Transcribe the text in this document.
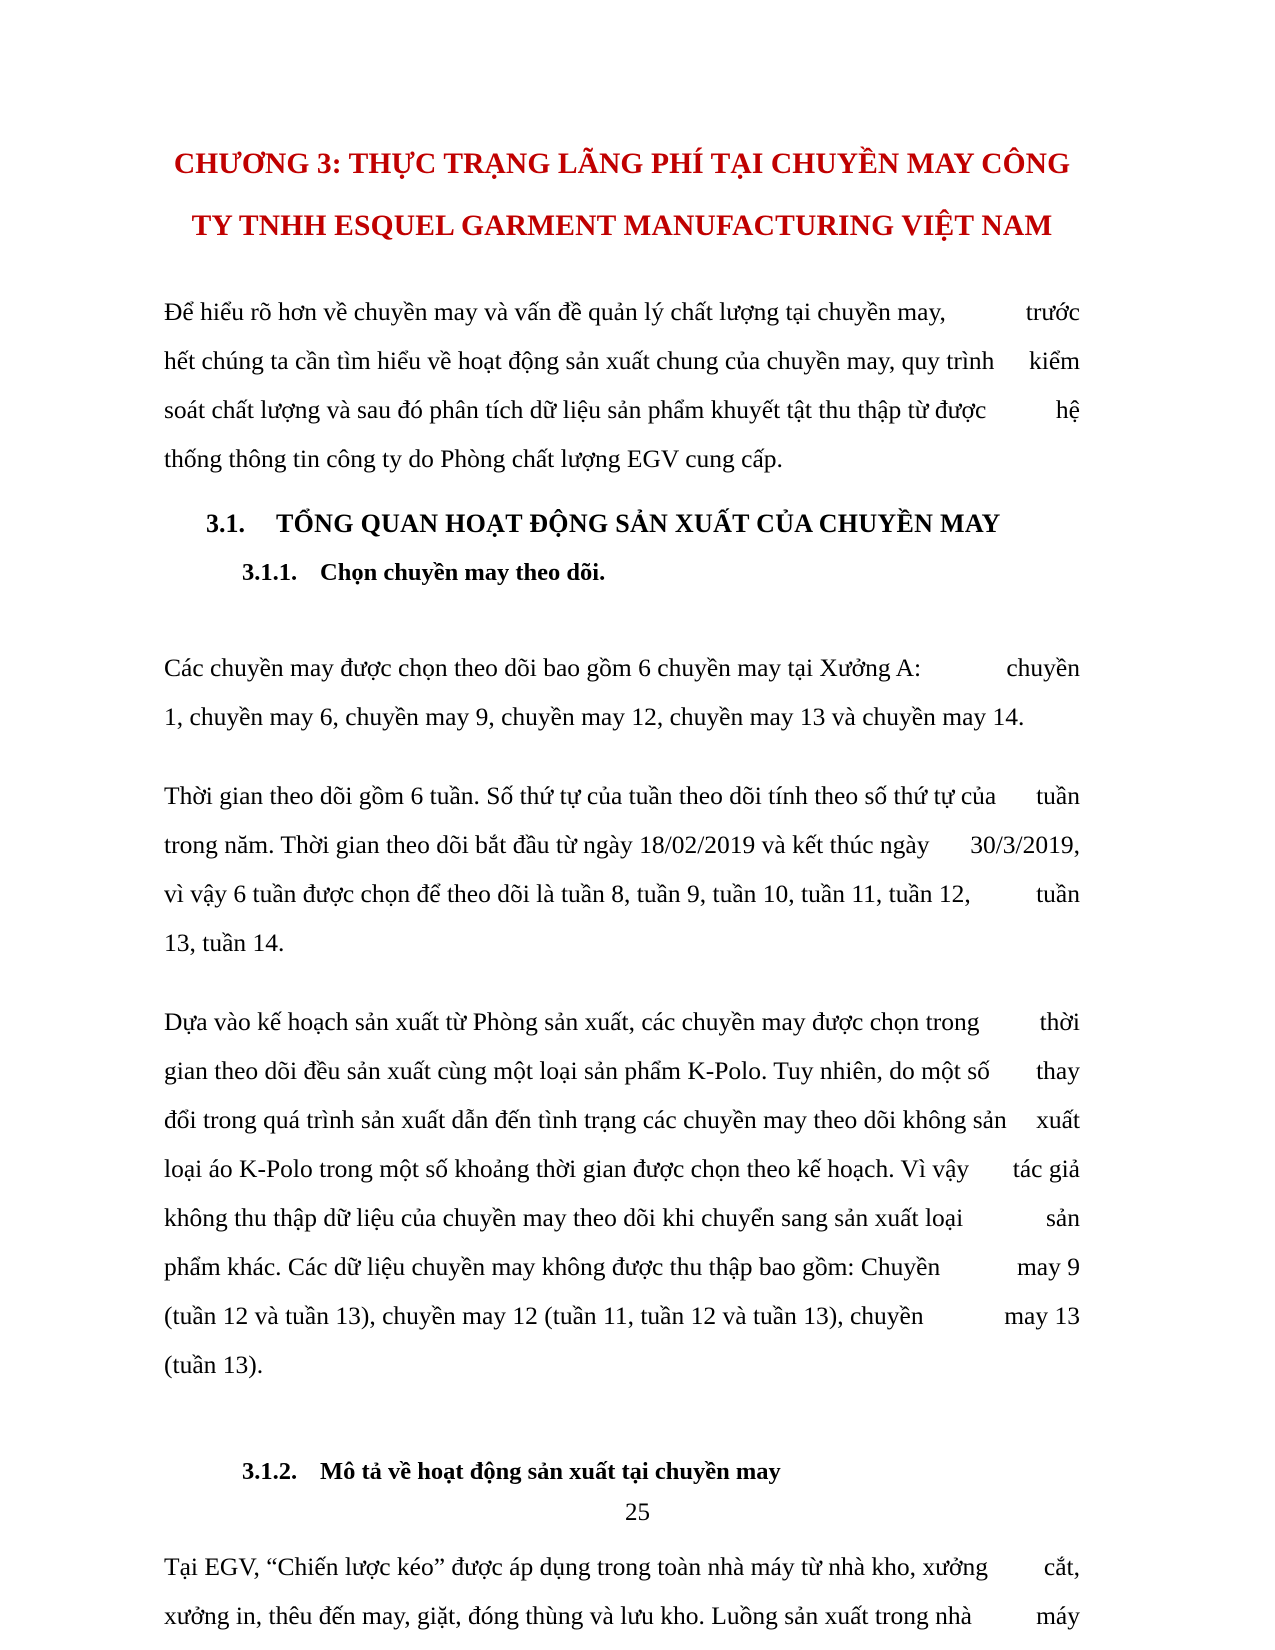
CHƯƠNG 3: THỰC TRẠNG LÃNG PHÍ TẠI CHUYỀN MAY CÔNG
TY TNHH ESQUEL GARMENT MANUFACTURING VIỆT NAM

Để hiểu rõ hơn về chuyền may và vấn đề quản lý chất lượng tại chuyền may,	trước
hết chúng ta cần tìm hiểu về hoạt động sản xuất chung của chuyền may, quy trình kiểm
soát chất lượng và sau đó phân tích dữ liệu sản phẩm khuyết tật thu thập từ được	hệ
thống thông tin công ty do Phòng chất lượng EGV cung cấp.

3.1.	TỔNG QUAN HOẠT ĐỘNG SẢN XUẤT CỦA CHUYỀN MAY
3.1.1. Chọn chuyền may theo dõi.

Các chuyền may được chọn theo dõi bao gồm 6 chuyền may tại Xưởng A:	chuyền
1, chuyền may 6, chuyền may 9, chuyền may 12, chuyền may 13 và chuyền may 14.

Thời gian theo dõi gồm 6 tuần. Số thứ tự của tuần theo dõi tính theo số thứ tự của tuần
trong năm. Thời gian theo dõi bắt đầu từ ngày 18/02/2019 và kết thúc ngày 30/3/2019,
vì vậy 6 tuần được chọn để theo dõi là tuần 8, tuần 9, tuần 10, tuần 11, tuần 12,	tuần
13, tuần 14.

Dựa vào kế hoạch sản xuất từ Phòng sản xuất, các chuyền may được chọn trong thời
gian theo dõi đều sản xuất cùng một loại sản phẩm K-Polo. Tuy nhiên, do một số thay
đổi trong quá trình sản xuất dẫn đến tình trạng các chuyền may theo dõi không sản xuất
loại áo K-Polo trong một số khoảng thời gian được chọn theo kế hoạch. Vì vậy tác giả
không thu thập dữ liệu của chuyền may theo dõi khi chuyển sang sản xuất loại	sản
phẩm khác. Các dữ liệu chuyền may không được thu thập bao gồm: Chuyền	may 9
(tuần 12 và tuần 13), chuyền may 12 (tuần 11, tuần 12 và tuần 13), chuyền	may 13
(tuần 13).

3.1.2. Mô tả về hoạt động sản xuất tại chuyền may

Tại EGV, “Chiến lược kéo” được áp dụng trong toàn nhà máy từ nhà kho, xưởng cắt,
xưởng in, thêu đến may, giặt, đóng thùng và lưu kho. Luồng sản xuất trong nhà	máy

25
